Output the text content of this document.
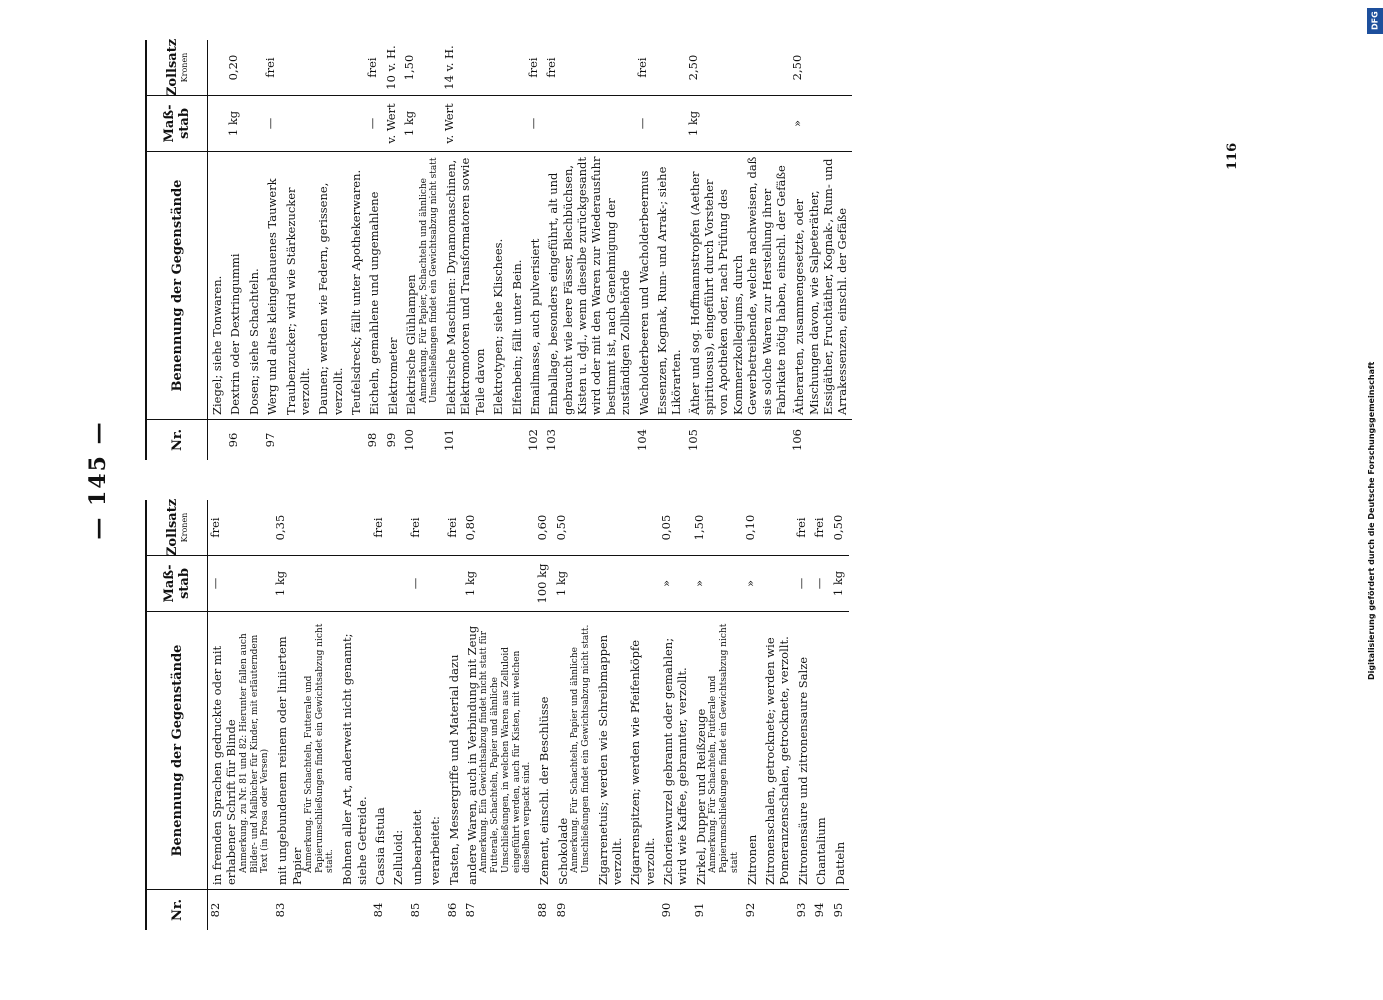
— 145 —
Nr.
Benennung der Gegenstände
Maß-stab
Zollsatz Kronen
82
in fremden Sprachen gedruckte oder mit erhabener Schrift für Blinde Anmerkung. zu Nr. 81 und 82: Hierunter fallen auch Bilder- und Malbücher für Kinder, mit erläuterndem Text (in Prosa oder Versen)
—
frei
83
mit ungebundenem reinem oder liniiertem Papier Anmerkung. Für Schachteln, Futterale und Papierumschließungen findet ein Gewichtsabzug nicht statt.
1 kg
0,35
Bohnen aller Art, anderweit nicht genannt; siehe Getreide.
84
Cassia fistula
frei
Zelluloid:
85
unbearbeitet
—
frei
verarbeitet:
86
Tasten, Messergriffe und Material dazu
frei
87
andere Waren, auch in Verbindung mit Zeug Anmerkung. Ein Gewichtsabzug findet nicht statt für Futterale, Schachteln, Papier und ähnliche Umschließungen, in welchen Waren aus Zelluloid eingeführt werden, auch für Kisten, mit welchen dieselben verpackt sind.
1 kg
0,80
88
Zement, einschl. der Beschlüsse
100 kg
0,60
89
Schokolade Anmerkung. Für Schachteln, Papier und ähnliche Umschließungen findet ein Gewichtsabzug nicht statt.
1 kg
0,50
Zigarrenetuis; werden wie Schreibmappen verzollt. Zigarrenspitzen; werden wie Pfeifenköpfe verzollt.
90
Zichorienwurzel gebrannt oder gemahlen; wird wie Kaffee, gebrannter, verzollt.
»
0,05
91
Zirkel, Dupper und Reißzeuge Anmerkung. Für Schachteln, Futterale und Papierumschließungen findet ein Gewichtsabzug nicht statt
»
1,50
92
Zitronen
»
0,10
Zitronenschalen, getrocknete; werden wie Pomeranzenschalen, getrocknete, verzollt.
93
Zitronensäure und zitronensaure Salze
—
frei
94
Chantalium
—
frei
95
Datteln
1 kg
0,50
Nr.
Benennung der Gegenstände
Maß-stab
Zollsatz Kronen
Ziegel; siehe Tonwaren.
96
Dextrin oder Dextringummi
1 kg
0,20
Dosen; siehe Schachteln.
97
Werg und altes kleingehauenes Tauwerk
—
frei
Traubenzucker; wird wie Stärkezucker verzollt. Daunen; werden wie Federn, gerissene, verzollt. Teufelsdreck; fällt unter Apothekerwaren.
98
Eicheln, gemahlene und ungemahlene
—
frei
99
Elektrometer
v. Wert
10 v. H.
100
Elektrische Glühlampen Anmerkung. Für Papier, Schachteln und ähnliche Umschließungen findet ein Gewichtsabzug nicht statt
1 kg
1,50
101
Elektrische Maschinen: Dynamomaschinen, Elektromotoren und Transformatoren sowie Teile davon
v. Wert
14 v. H.
Elektrotypen; siehe Klischees. Elfenbein; fällt unter Bein.
102
Emailmasse, auch pulverisiert
—
frei
103
Emballage, besonders eingeführt, alt und gebraucht wie leere Fässer, Blechbüchsen, Kisten u. dgl., wenn dieselbe zurückgesandt wird oder mit den Waren zur Wiederausfuhr bestimmt ist, nach Genehmigung der zuständigen Zollbehörde
frei
104
Wacholderbeeren und Wacholderbeermus
—
frei
Essenzen, Kognak, Rum- und Arrak-; siehe Likörarten.
105
Äther und sog. Hoffmannstropfen (Aether spirituosus), eingeführt durch Vorsteher von Apotheken oder, nach Prüfung des Kommerzkollegiums, durch Gewerbetreibende, welche nachweisen, daß sie solche Waren zur Herstellung ihrer Fabrikate nötig haben, einschl. der Gefäße
1 kg
2,50
106
Ätherarten, zusammengesetzte, oder Mischungen davon, wie Salpeteräther, Essigäther, Fruchtäther, Kognak-, Rum- und Arrakessenzen, einschl. der Gefäße
»
2,50
116
DFG
Digitalisierung gefördert durch die Deutsche Forschungsgemeinschaft
